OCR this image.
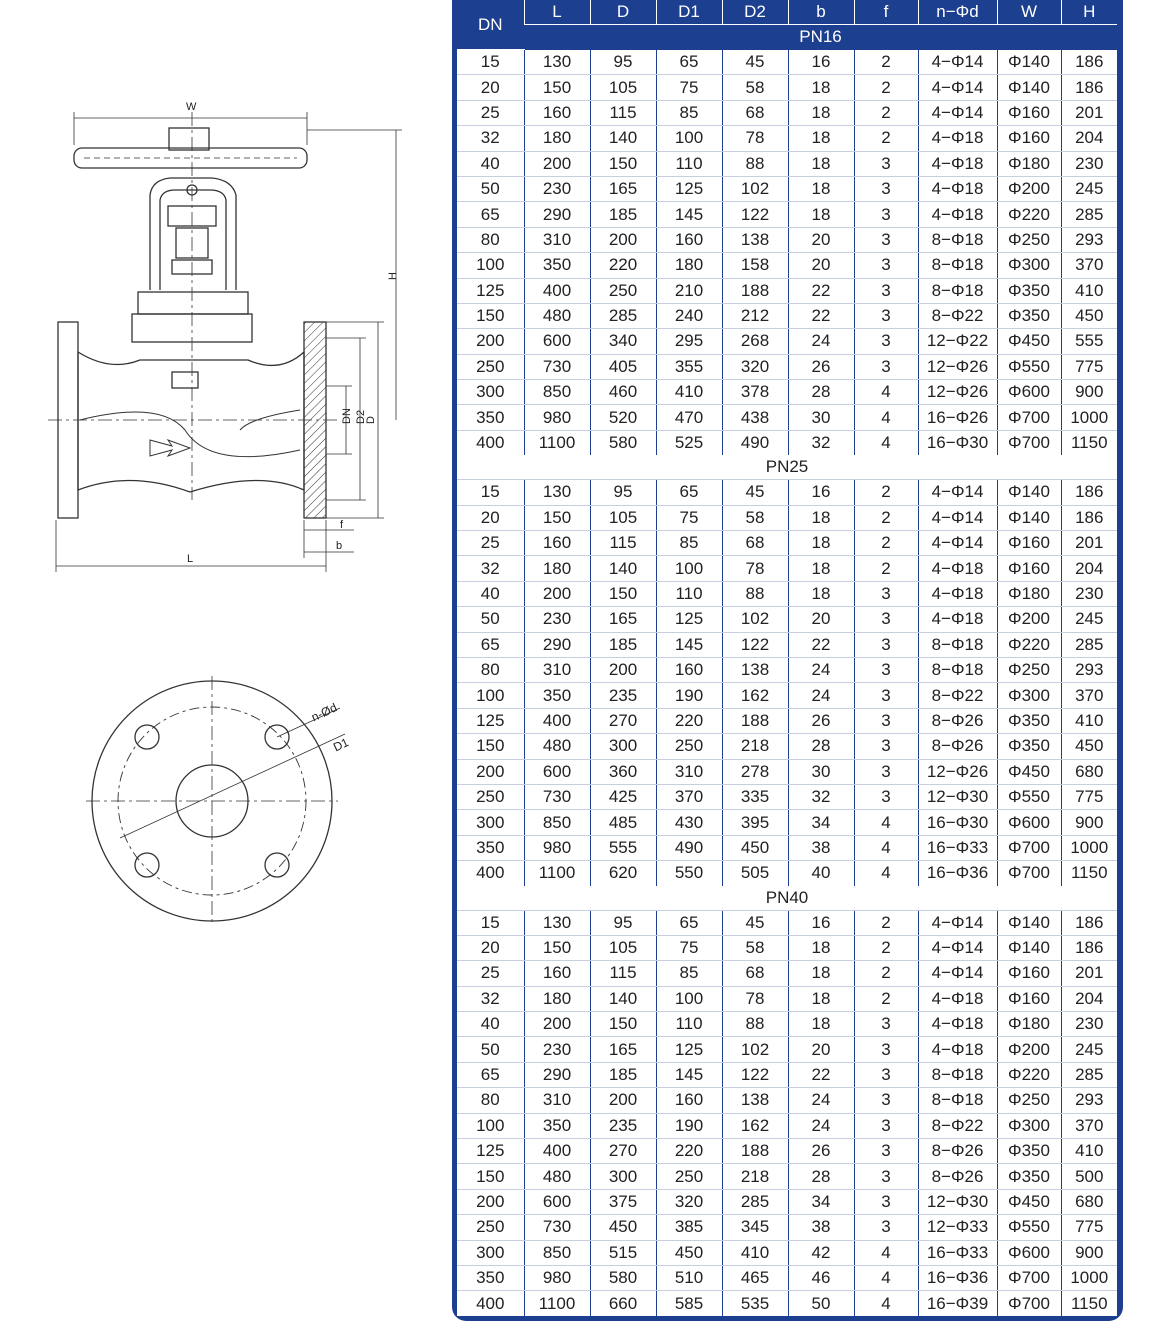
W
H
L
DN D2
D
f
b
n-Ød
D1
DN	L	D	D1	D2	b	f	n−Φd	W	H
	PN16								
15	130	95	65	45	16	2	4−Φ14	Φ140	186
20	150	105	75	58	18	2	4−Φ14	Φ140	186
25	160	115	85	68	18	2	4−Φ14	Φ160	201
32	180	140	100	78	18	2	4−Φ18	Φ160	204
40	200	150	110	88	18	3	4−Φ18	Φ180	230
50	230	165	125	102	18	3	4−Φ18	Φ200	245
65	290	185	145	122	18	3	4−Φ18	Φ220	285
80	310	200	160	138	20	3	8−Φ18	Φ250	293
100	350	220	180	158	20	3	8−Φ18	Φ300	370
125	400	250	210	188	22	3	8−Φ18	Φ350	410
150	480	285	240	212	22	3	8−Φ22	Φ350	450
200	600	340	295	268	24	3	12−Φ22	Φ450	555
250	730	405	355	320	26	3	12−Φ26	Φ550	775
300	850	460	410	378	28	4	12−Φ26	Φ600	900
350	980	520	470	438	30	4	16−Φ26	Φ700	1000
400	1100	580	525	490	32	4	16−Φ30	Φ700	1150
PN25									
15	130	95	65	45	16	2	4−Φ14	Φ140	186
20	150	105	75	58	18	2	4−Φ14	Φ140	186
25	160	115	85	68	18	2	4−Φ14	Φ160	201
32	180	140	100	78	18	2	4−Φ18	Φ160	204
40	200	150	110	88	18	3	4−Φ18	Φ180	230
50	230	165	125	102	20	3	4−Φ18	Φ200	245
65	290	185	145	122	22	3	8−Φ18	Φ220	285
80	310	200	160	138	24	3	8−Φ18	Φ250	293
100	350	235	190	162	24	3	8−Φ22	Φ300	370
125	400	270	220	188	26	3	8−Φ26	Φ350	410
150	480	300	250	218	28	3	8−Φ26	Φ350	450
200	600	360	310	278	30	3	12−Φ26	Φ450	680
250	730	425	370	335	32	3	12−Φ30	Φ550	775
300	850	485	430	395	34	4	16−Φ30	Φ600	900
350	980	555	490	450	38	4	16−Φ33	Φ700	1000
400	1100	620	550	505	40	4	16−Φ36	Φ700	1150
PN40									
15	130	95	65	45	16	2	4−Φ14	Φ140	186
20	150	105	75	58	18	2	4−Φ14	Φ140	186
25	160	115	85	68	18	2	4−Φ14	Φ160	201
32	180	140	100	78	18	2	4−Φ18	Φ160	204
40	200	150	110	88	18	3	4−Φ18	Φ180	230
50	230	165	125	102	20	3	4−Φ18	Φ200	245
65	290	185	145	122	22	3	8−Φ18	Φ220	285
80	310	200	160	138	24	3	8−Φ18	Φ250	293
100	350	235	190	162	24	3	8−Φ22	Φ300	370
125	400	270	220	188	26	3	8−Φ26	Φ350	410
150	480	300	250	218	28	3	8−Φ26	Φ350	500
200	600	375	320	285	34	3	12−Φ30	Φ450	680
250	730	450	385	345	38	3	12−Φ33	Φ550	775
300	850	515	450	410	42	4	16−Φ33	Φ600	900
350	980	580	510	465	46	4	16−Φ36	Φ700	1000
400	1100	660	585	535	50	4	16−Φ39	Φ700	1150
